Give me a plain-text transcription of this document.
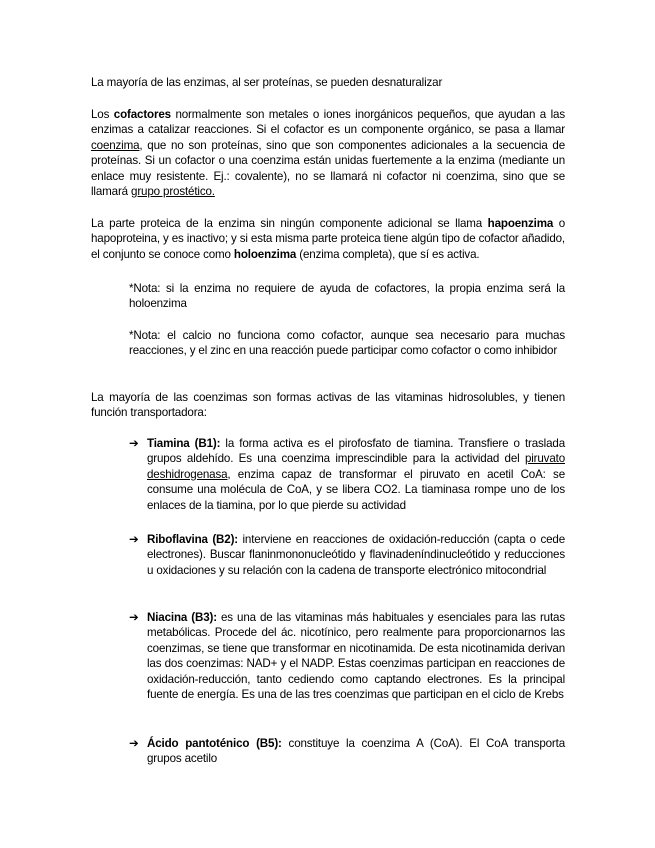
La mayoría de las enzimas, al ser proteínas, se pueden desnaturalizar
Los cofactores normalmente son metales o iones inorgánicos pequeños, que ayudan a las enzimas a catalizar reacciones. Si el cofactor es un componente orgánico, se pasa a llamar coenzima, que no son proteínas, sino que son componentes adicionales a la secuencia de proteínas. Si un cofactor o una coenzima están unidas fuertemente a la enzima (mediante un enlace muy resistente. Ej.: covalente), no se llamará ni cofactor ni coenzima, sino que se llamará grupo prostético.
La parte proteica de la enzima sin ningún componente adicional se llama hapoenzima o hapoproteina, y es inactivo; y si esta misma parte proteica tiene algún tipo de cofactor añadido, el conjunto se conoce como holoenzima (enzima completa), que sí es activa.
*Nota: si la enzima no requiere de ayuda de cofactores, la propia enzima será la holoenzima
*Nota: el calcio no funciona como cofactor, aunque sea necesario para muchas reacciones, y el zinc en una reacción puede participar como cofactor o como inhibidor
La mayoría de las coenzimas son formas activas de las vitaminas hidrosolubles, y tienen función transportadora:
➔ Tiamina (B1): la forma activa es el pirofosfato de tiamina. Transfiere o traslada grupos aldehído. Es una coenzima imprescindible para la actividad del piruvato deshidrogenasa, enzima capaz de transformar el piruvato en acetil CoA: se consume una molécula de CoA, y se libera CO2. La tiaminasa rompe uno de los enlaces de la tiamina, por lo que pierde su actividad
➔ Riboflavina (B2): interviene en reacciones de oxidación-reducción (capta o cede electrones). Buscar flaninmononucleótido y flavinadeníndinucleótido y reducciones u oxidaciones y su relación con la cadena de transporte electrónico mitocondrial
➔ Niacina (B3): es una de las vitaminas más habituales y esenciales para las rutas metabólicas. Procede del ác. nicotínico, pero realmente para proporcionarnos las coenzimas, se tiene que transformar en nicotinamida. De esta nicotinamida derivan las dos coenzimas: NAD+ y el NADP. Estas coenzimas participan en reacciones de oxidación-reducción, tanto cediendo como captando electrones. Es la principal fuente de energía. Es una de las tres coenzimas que participan en el ciclo de Krebs
➔ Ácido pantoténico (B5): constituye la coenzima A (CoA). El CoA transporta grupos acetilo
